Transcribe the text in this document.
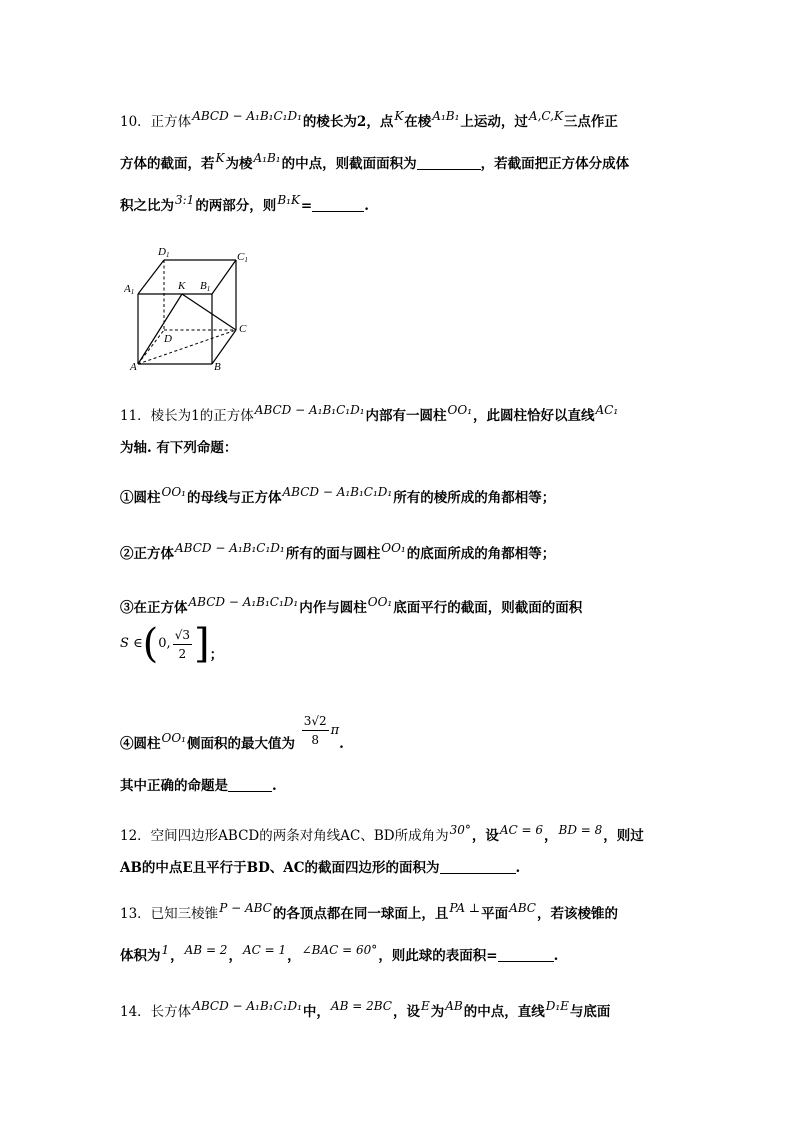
10．正方体ABCD − A₁B₁C₁D₁的棱长为2，点K在棱A₁B₁上运动，过A,C,K三点作正
方体的截面，若K为棱A₁B₁的中点，则截面面积为	，若截面把正方体分成体
积之比为3:1的两部分，则B₁K=	.
D1	C1
A1	K B1
C
D
A	B
11．棱长为1的正方体ABCD − A₁B₁C₁D₁内部有一圆柱OO₁，此圆柱恰好以直线AC₁
为轴. 有下列命题：
①圆柱OO₁的母线与正方体ABCD − A₁B₁C₁D₁所有的棱所成的角都相等；
②正方体ABCD − A₁B₁C₁D₁所有的面与圆柱OO₁的底面所成的角都相等；
③在正方体ABCD − A₁B₁C₁D₁内作与圆柱OO₁底面平行的截面，则截面的面积
S ∈ ( 0, $\frac{√3}{2}$ ] ；
④圆柱OO₁侧面积的最大值为 $\frac{3√2}{8}$ π
.
其中正确的命题是	.
12．空间四边形ABCD的两条对角线AC、BD所成角为30°，设AC = 6，BD = 8，则过
AB的中点E且平行于BD、AC的截面四边形的面积为	.
13．已知三棱锥P − ABC的各顶点都在同一球面上，且PA ⊥平面ABC，若该棱锥的
体积为1，AB = 2，AC = 1，∠BAC = 60°，则此球的表面积=	.
14．长方体ABCD − A₁B₁C₁D₁中，AB = 2BC，设E为AB的中点，直线D₁E与底面
